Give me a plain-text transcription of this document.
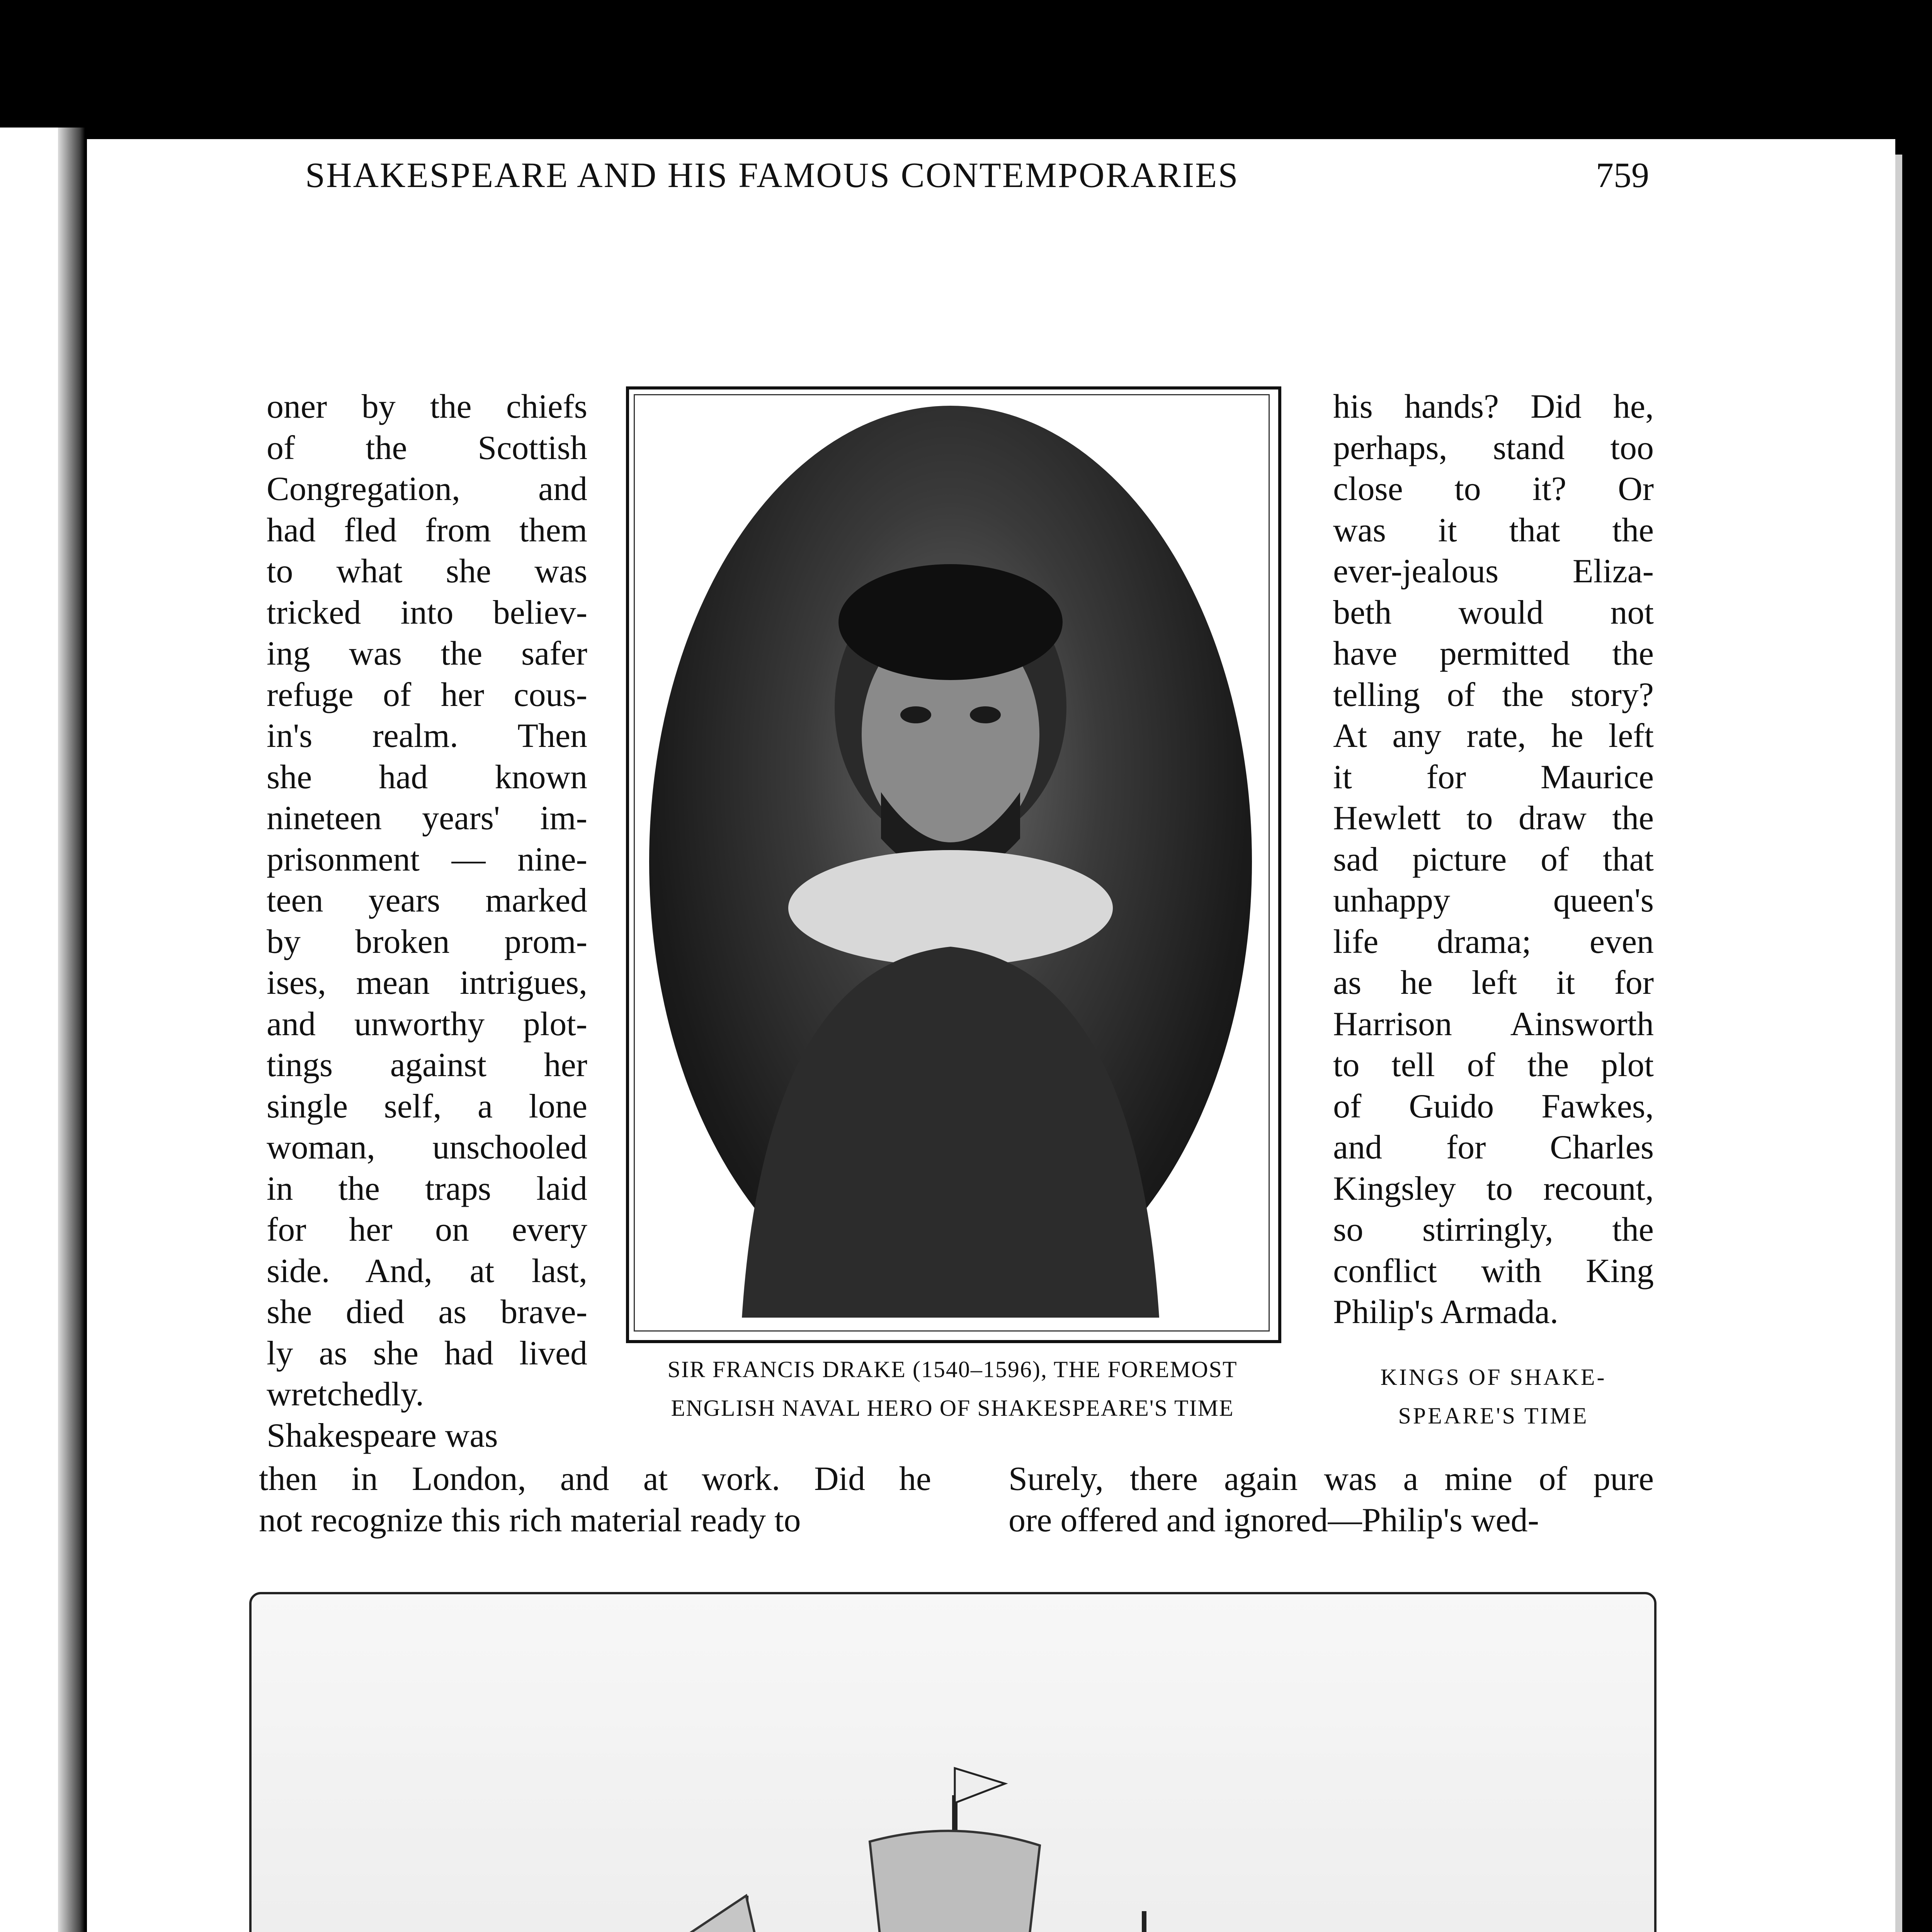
SHAKESPEARE AND HIS FAMOUS CONTEMPORARIES	759
oner by the chiefs
of the Scottish
Congregation, and
had fled from them
to what she was
tricked into believ-
ing was the safer
refuge of her cous-
in's realm. Then
she had known
nineteen years' im-
prisonment — nine-
teen years marked
by broken prom-
ises, mean intrigues,
and unworthy plot-
tings against her
single self, a lone
woman, unschooled
in the traps laid
for her on every
side. And, at last,
she died as brave-
ly as she had lived
wretchedly.
Shakespeare was
SIR FRANCIS DRAKE (1540–1596), THE FOREMOST
ENGLISH NAVAL HERO OF SHAKESPEARE'S TIME
his hands? Did he,
perhaps, stand too
close to it? Or
was it that the
ever-jealous Eliza-
beth would not
have permitted the
telling of the story?
At any rate, he left
it for Maurice
Hewlett to draw the
sad picture of that
unhappy queen's
life drama; even
as he left it for
Harrison Ainsworth
to tell of the plot
of Guido Fawkes,
and for Charles
Kingsley to recount,
so stirringly, the
conflict with King
Philip's Armada.
KINGS OF SHAKE-
SPEARE'S TIME
then in London, and at work. Did he
not recognize this rich material ready to
Surely, there again was a mine of pure
ore offered and ignored—Philip's wed-
